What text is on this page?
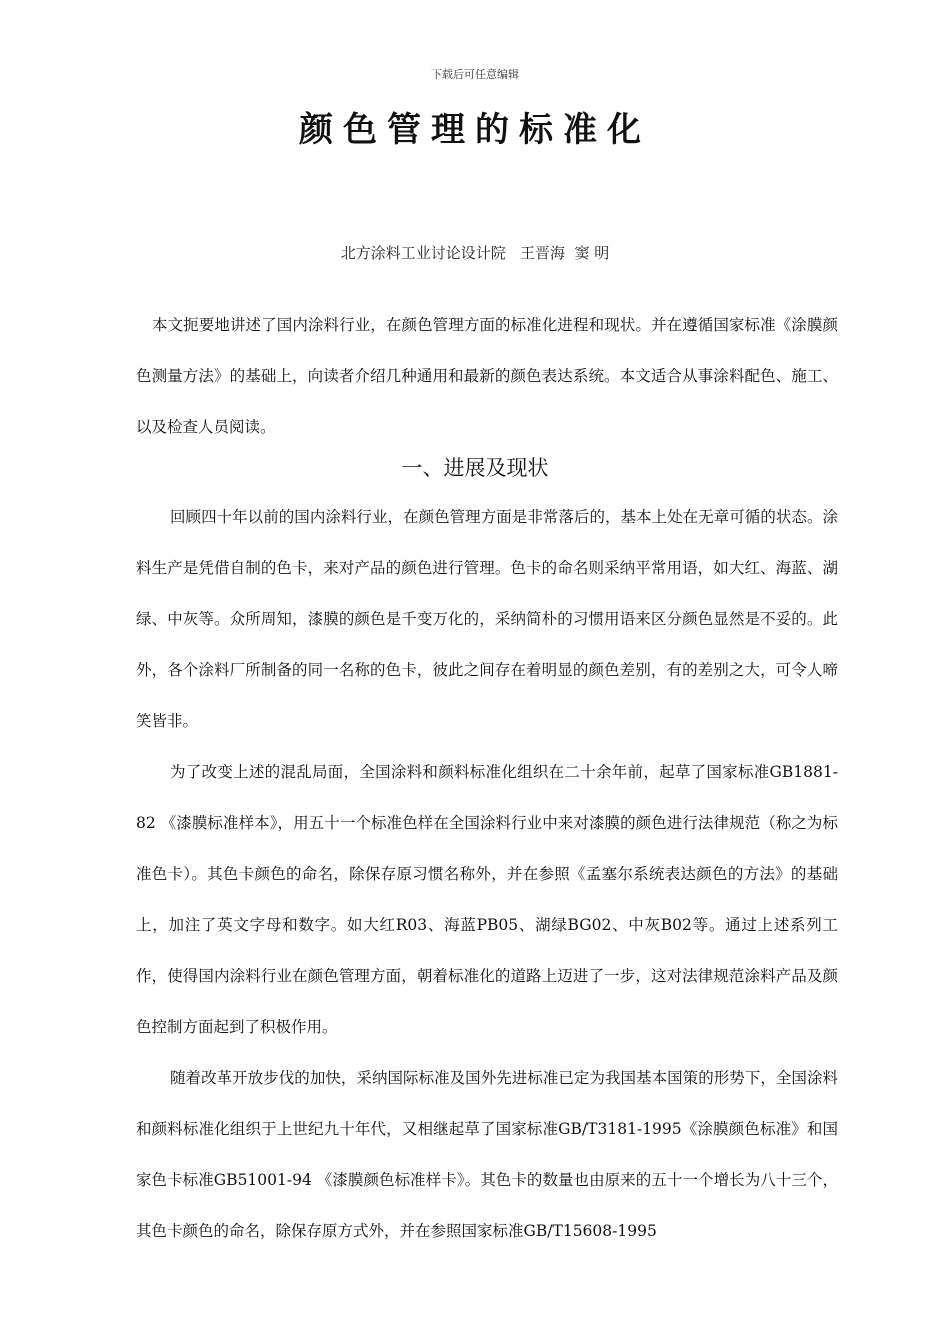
下载后可任意编辑
颜色管理的标准化
北方涂料工业讨论设计院   王晋海  窦 明

本文扼要地讲述了国内涂料行业，在颜色管理方面的标准化进程和现状。并在遵循国家标准《涂膜颜色测量方法》的基础上，向读者介绍几种通用和最新的颜色表达系统。本文适合从事涂料配色、施工、以及检查人员阅读。

一、进展及现状

回顾四十年以前的国内涂料行业，在颜色管理方面是非常落后的，基本上处在无章可循的状态。涂料生产是凭借自制的色卡，来对产品的颜色进行管理。色卡的命名则采纳平常用语，如大红、海蓝、湖绿、中灰等。众所周知，漆膜的颜色是千变万化的，采纳简朴的习惯用语来区分颜色显然是不妥的。此外，各个涂料厂所制备的同一名称的色卡，彼此之间存在着明显的颜色差别，有的差别之大，可令人啼笑皆非。

为了改变上述的混乱局面，全国涂料和颜料标准化组织在二十余年前，起草了国家标准GB1881-82 《漆膜标准样本》，用五十一个标准色样在全国涂料行业中来对漆膜的颜色进行法律规范（称之为标准色卡）。其色卡颜色的命名，除保存原习惯名称外，并在参照《孟塞尔系统表达颜色的方法》的基础上，加注了英文字母和数字。如大红R03、海蓝PB05、湖绿BG02、中灰B02等。通过上述系列工作，使得国内涂料行业在颜色管理方面，朝着标准化的道路上迈进了一步，这对法律规范涂料产品及颜色控制方面起到了积极作用。

随着改革开放步伐的加快，采纳国际标准及国外先进标准已定为我国基本国策的形势下，全国涂料和颜料标准化组织于上世纪九十年代，又相继起草了国家标准GB/T3181-1995《涂膜颜色标准》和国家色卡标准GB51001-94 《漆膜颜色标准样卡》。其色卡的数量也由原来的五十一个增长为八十三个，其色卡颜色的命名，除保存原方式外，并在参照国家标准GB/T15608-1995
